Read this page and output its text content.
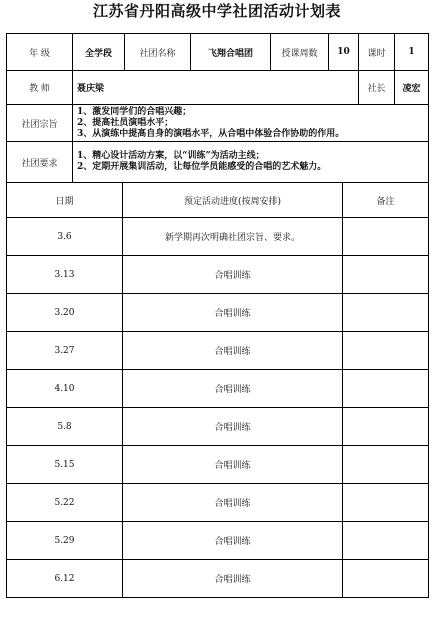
江苏省丹阳高级中学社团活动计划表
年 级	全学段	社团名称	飞翔合唱团	授课周数	10	课时	1
教 师	聂庆梁					社长	凌宏
社团宗旨	1、激发同学们的合唱兴趣；
2、提高社员演唱水平；
3、从演练中提高自身的演唱水平，从合唱中体验合作协助的作用。						

社团要求	1、精心设计活动方案，以“训练”为活动主线；
2、定期开展集训活动，让每位学员能感受的合唱的艺术魅力。						
日期	预定活动进度(按周安排)	备注
3.6	新学期再次明确社团宗旨、要求。	
3.13	合唱训练	
3.20	合唱训练	
3.27	合唱训练	
4.10	合唱训练	
5.8	合唱训练	
5.15	合唱训练	
5.22	合唱训练	
5.29	合唱训练	
6.12	合唱训练	
